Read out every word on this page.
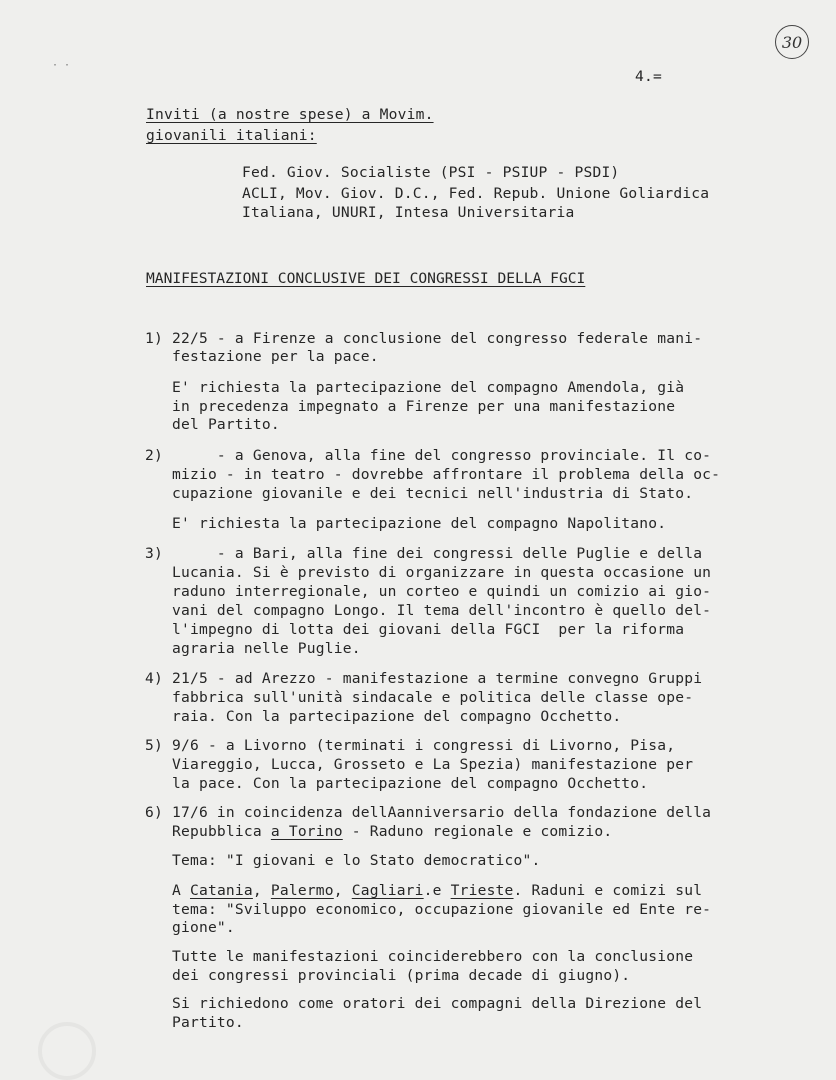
30
· ·
4.=
Inviti (a nostre spese) a Movim.
giovanili italiani:
Fed. Giov. Socialiste (PSI - PSIUP - PSDI)
ACLI, Mov. Giov. D.C., Fed. Repub. Unione Goliardica
Italiana, UNURI, Intesa Universitaria
MANIFESTAZIONI CONCLUSIVE DEI CONGRESSI DELLA FGCI
1) 22/5 - a Firenze a conclusione del congresso federale mani-
festazione per la pace.
E' richiesta la partecipazione del compagno Amendola, già
in precedenza impegnato a Firenze per una manifestazione
del Partito.
2) - a Genova, alla fine del congresso provinciale. Il co-
mizio - in teatro - dovrebbe affrontare il problema della oc-
cupazione giovanile e dei tecnici nell'industria di Stato.
E' richiesta la partecipazione del compagno Napolitano.
3) - a Bari, alla fine dei congressi delle Puglie e della
Lucania. Si è previsto di organizzare in questa occasione un
raduno interregionale, un corteo e quindi un comizio ai gio-
vani del compagno Longo. Il tema dell'incontro è quello del-
l'impegno di lotta dei giovani della FGCI  per la riforma
agraria nelle Puglie.
4) 21/5 - ad Arezzo - manifestazione a termine convegno Gruppi
fabbrica sull'unità sindacale e politica delle classe ope-
raia. Con la partecipazione del compagno Occhetto.
5) 9/6 - a Livorno (terminati i congressi di Livorno, Pisa,
Viareggio, Lucca, Grosseto e La Spezia) manifestazione per
la pace. Con la partecipazione del compagno Occhetto.
6) 17/6 in coincidenza dellAanniversario della fondazione della
Repubblica a Torino - Raduno regionale e comizio.
Tema: "I giovani e lo Stato democratico".
A Catania, Palermo, Cagliari.e Trieste. Raduni e comizi sul
tema: "Sviluppo economico, occupazione giovanile ed Ente re-
gione".
Tutte le manifestazioni coinciderebbero con la conclusione
dei congressi provinciali (prima decade di giugno).
Si richiedono come oratori dei compagni della Direzione del
Partito.
